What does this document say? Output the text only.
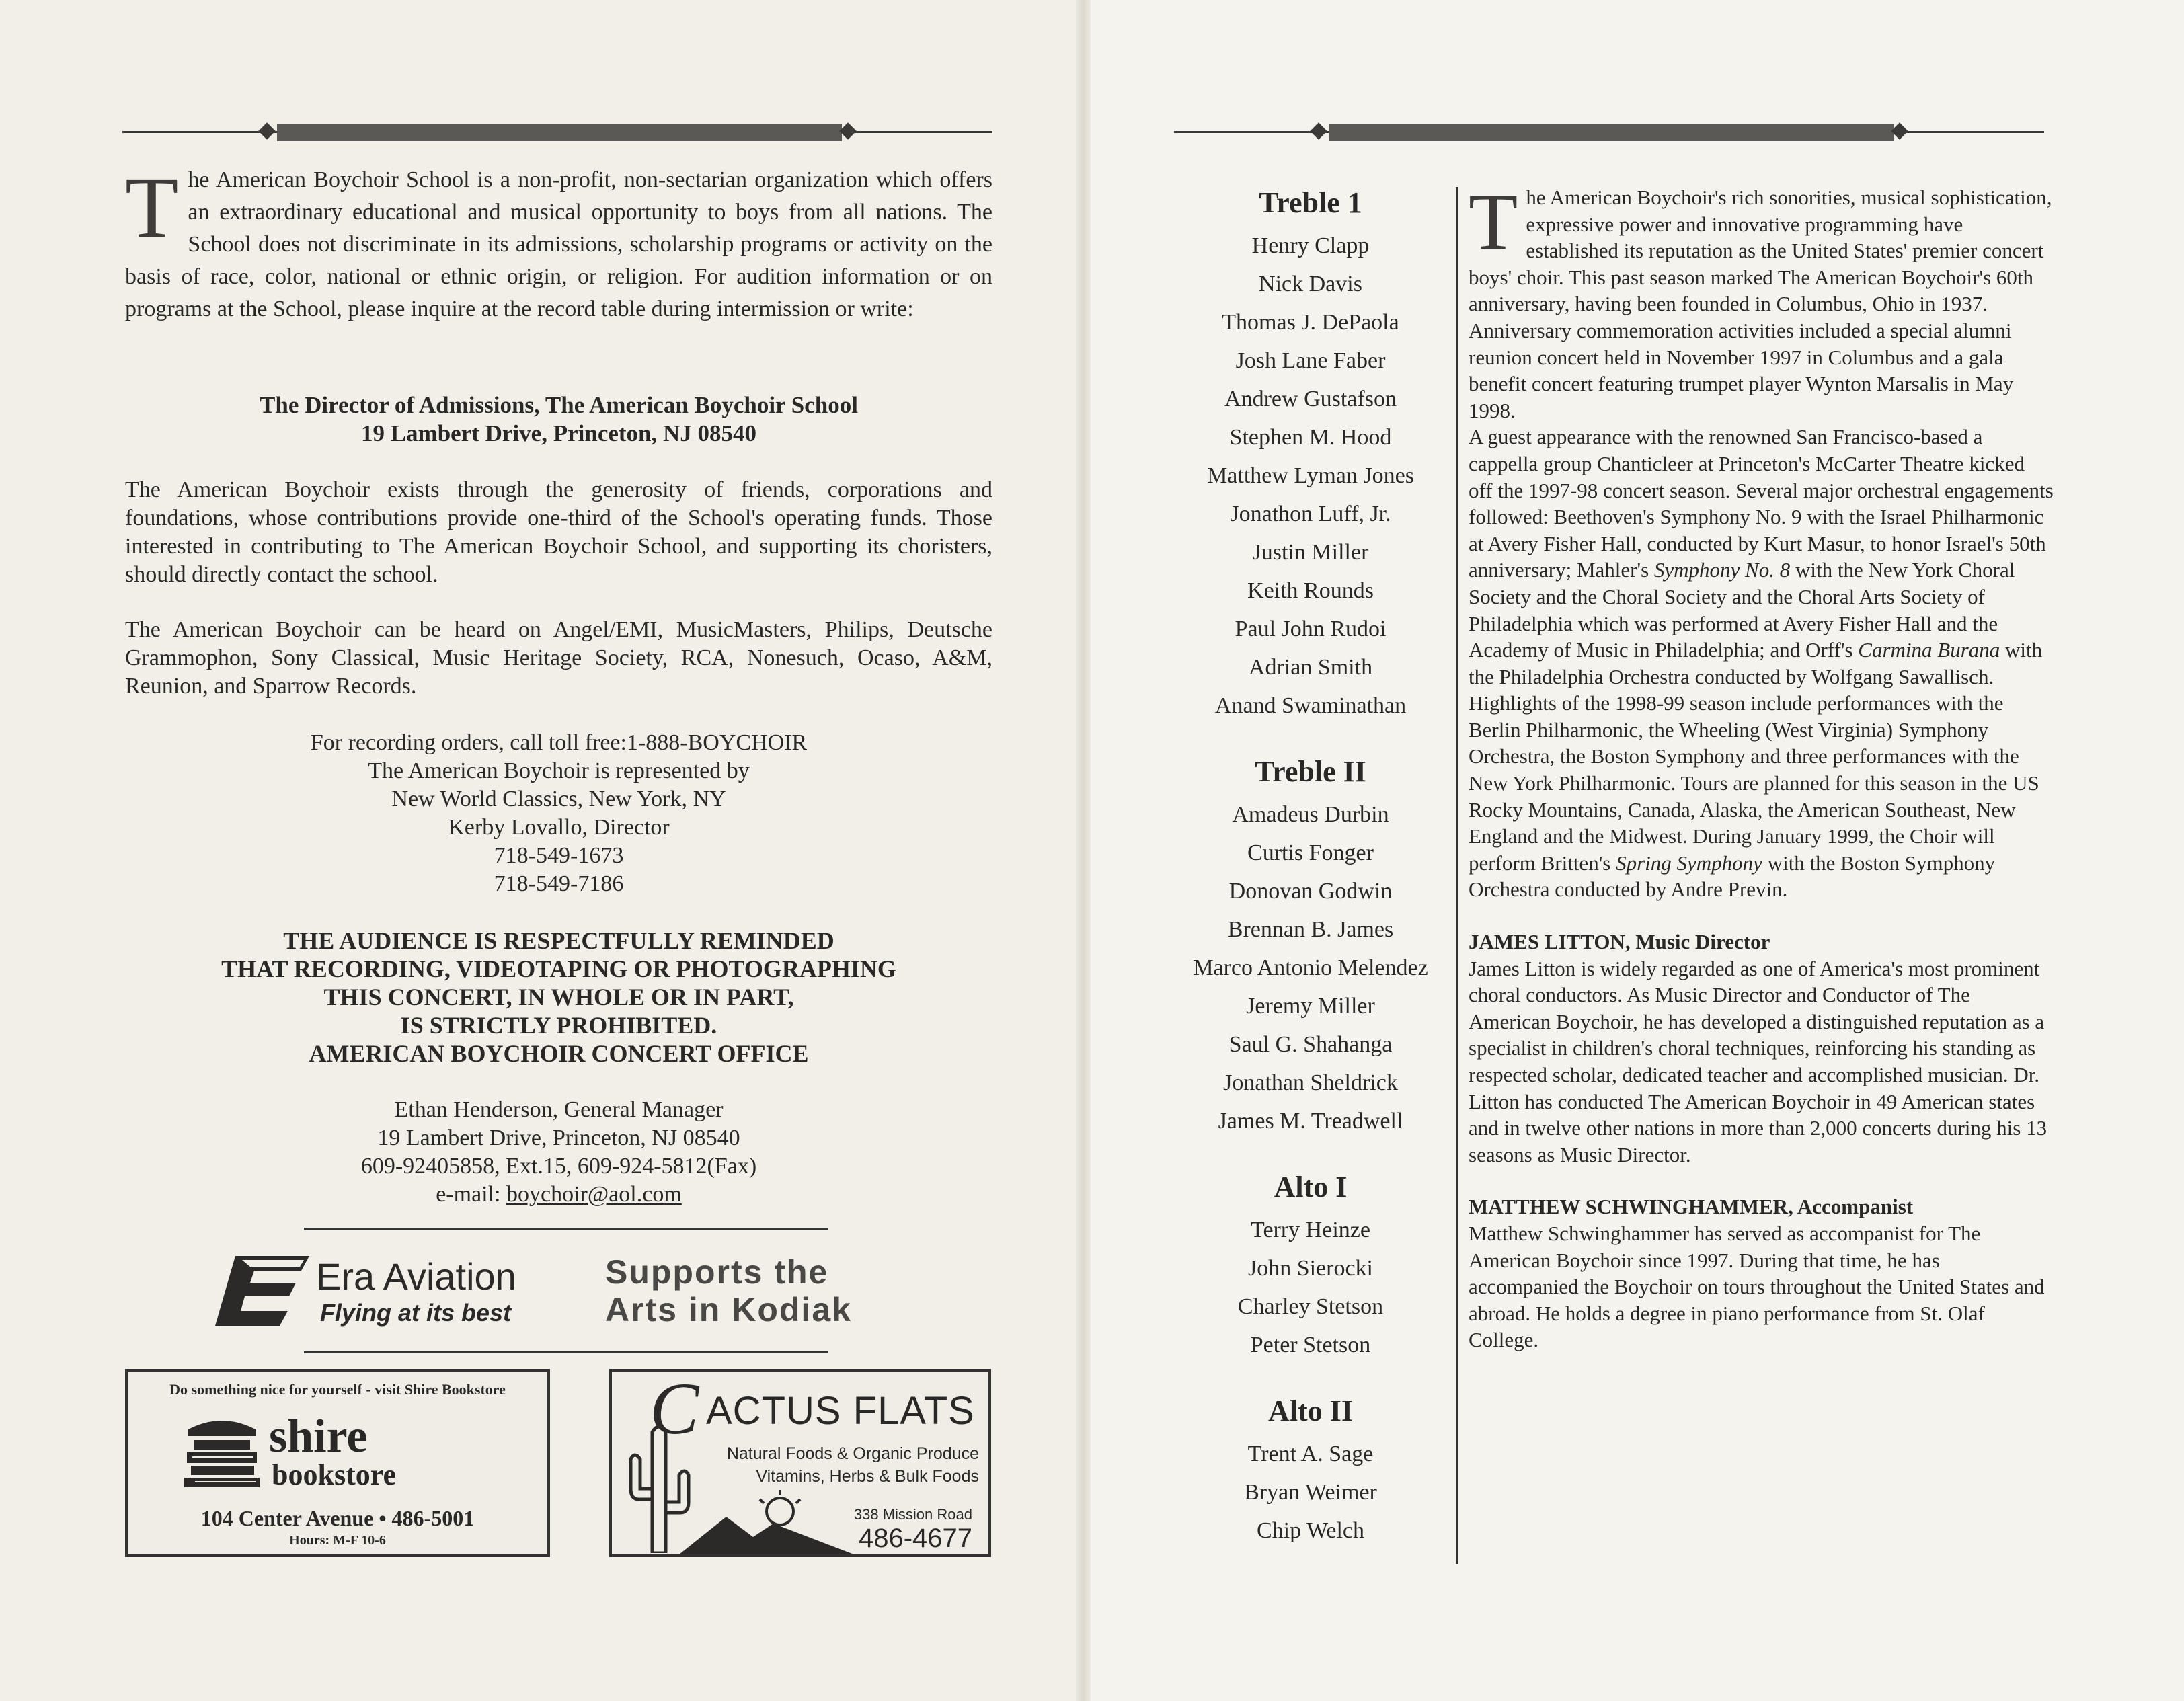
T he American Boychoir School is a non-profit, non-sectarian organization which offers an extraordinary educational and musical opportunity to boys from all nations. The School does not discriminate in its admissions, scholarship programs or activity on the basis of race, color, national or ethnic origin, or religion. For audition information or on programs at the School, please inquire at the record table during intermission or write:
The Director of Admissions, The American Boychoir School
19 Lambert Drive, Princeton, NJ 08540
The American Boychoir exists through the generosity of friends, corporations and foundations, whose contributions provide one-third of the School's operating funds. Those interested in contributing to The American Boychoir School, and supporting its choristers, should directly contact the school.
The American Boychoir can be heard on Angel/EMI, MusicMasters, Philips, Deutsche Grammophon, Sony Classical, Music Heritage Society, RCA, Nonesuch, Ocaso, A&M, Reunion, and Sparrow Records.
For recording orders, call toll free:1-888-BOYCHOIR
The American Boychoir is represented by
New World Classics, New York, NY
Kerby Lovallo, Director
718-549-1673
718-549-7186
THE AUDIENCE IS RESPECTFULLY REMINDED
THAT RECORDING, VIDEOTAPING OR PHOTOGRAPHING
THIS CONCERT, IN WHOLE OR IN PART,
IS STRICTLY PROHIBITED.
AMERICAN BOYCHOIR CONCERT OFFICE
Ethan Henderson, General Manager
19 Lambert Drive, Princeton, NJ 08540
609-92405858, Ext.15, 609-924-5812(Fax)
e-mail: boychoir@aol.com
Era Aviation
Flying at its best
Supports the Arts in Kodiak
Do something nice for yourself - visit Shire Bookstore
shire
bookstore
104 Center Avenue • 486-5001
Hours: M-F 10-6
C ACTUS FLATS
Natural Foods & Organic Produce
Vitamins, Herbs & Bulk Foods
338 Mission Road
486-4677
Treble 1
Henry Clapp
Nick Davis
Thomas J. DePaola
Josh Lane Faber
Andrew Gustafson
Stephen M. Hood
Matthew Lyman Jones
Jonathon Luff, Jr.
Justin Miller
Keith Rounds
Paul John Rudoi
Adrian Smith
Anand Swaminathan
Treble II
Amadeus Durbin
Curtis Fonger
Donovan Godwin
Brennan B. James
Marco Antonio Melendez
Jeremy Miller
Saul G. Shahanga
Jonathan Sheldrick
James M. Treadwell
Alto I
Terry Heinze
John Sierocki
Charley Stetson
Peter Stetson
Alto II
Trent A. Sage
Bryan Weimer
Chip Welch
T he American Boychoir's rich sonorities, musical sophistication, expressive power and innovative programming have established its reputation as the United States' premier concert boys' choir. This past season marked The American Boychoir's 60th anniversary, having been founded in Columbus, Ohio in 1937. Anniversary commemoration activities included a special alumni reunion concert held in November 1997 in Columbus and a gala benefit concert featuring trumpet player Wynton Marsalis in May 1998.
A guest appearance with the renowned San Francisco-based a cappella group Chanticleer at Princeton's McCarter Theatre kicked off the 1997-98 concert season. Several major orchestral engagements followed: Beethoven's Symphony No. 9 with the Israel Philharmonic at Avery Fisher Hall, conducted by Kurt Masur, to honor Israel's 50th anniversary; Mahler's Symphony No. 8 with the New York Choral Society and the Choral Society and the Choral Arts Society of Philadelphia which was performed at Avery Fisher Hall and the Academy of Music in Philadelphia; and Orff's Carmina Burana with the Philadelphia Orchestra conducted by Wolfgang Sawallisch. Highlights of the 1998-99 season include performances with the Berlin Philharmonic, the Wheeling (West Virginia) Symphony Orchestra, the Boston Symphony and three performances with the New York Philharmonic. Tours are planned for this season in the US Rocky Mountains, Canada, Alaska, the American Southeast, New England and the Midwest. During January 1999, the Choir will perform Britten's Spring Symphony with the Boston Symphony Orchestra conducted by Andre Previn.
JAMES LITTON, Music Director
James Litton is widely regarded as one of America's most prominent choral conductors. As Music Director and Conductor of The American Boychoir, he has developed a distinguished reputation as a specialist in children's choral techniques, reinforcing his standing as respected scholar, dedicated teacher and accomplished musician. Dr. Litton has conducted The American Boychoir in 49 American states and in twelve other nations in more than 2,000 concerts during his 13 seasons as Music Director.
MATTHEW SCHWINGHAMMER, Accompanist
Matthew Schwinghammer has served as accompanist for The American Boychoir since 1997. During that time, he has accompanied the Boychoir on tours throughout the United States and abroad. He holds a degree in piano performance from St. Olaf College.
